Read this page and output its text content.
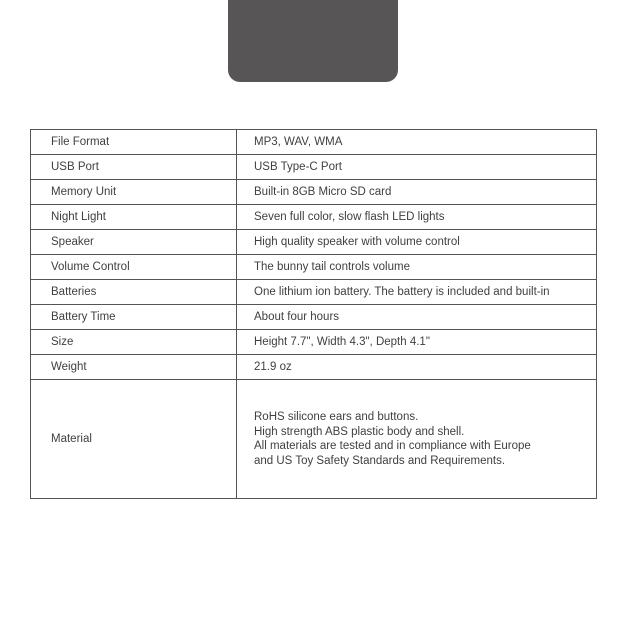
File Format	MP3, WAV, WMA
USB Port	USB Type-C Port
Memory Unit	Built-in 8GB Micro SD card
Night Light	Seven full color, slow flash LED lights
Speaker	High quality speaker with volume control
Volume Control	The bunny tail controls volume
Batteries	One lithium ion battery. The battery is included and built-in
Battery Time	About four hours
Size	Height 7.7", Width 4.3", Depth 4.1"
Weight	21.9 oz
Material	RoHS silicone ears and buttons.
High strength ABS plastic body and shell.
All materials are tested and in compliance with Europe
and US Toy Safety Standards and Requirements.
